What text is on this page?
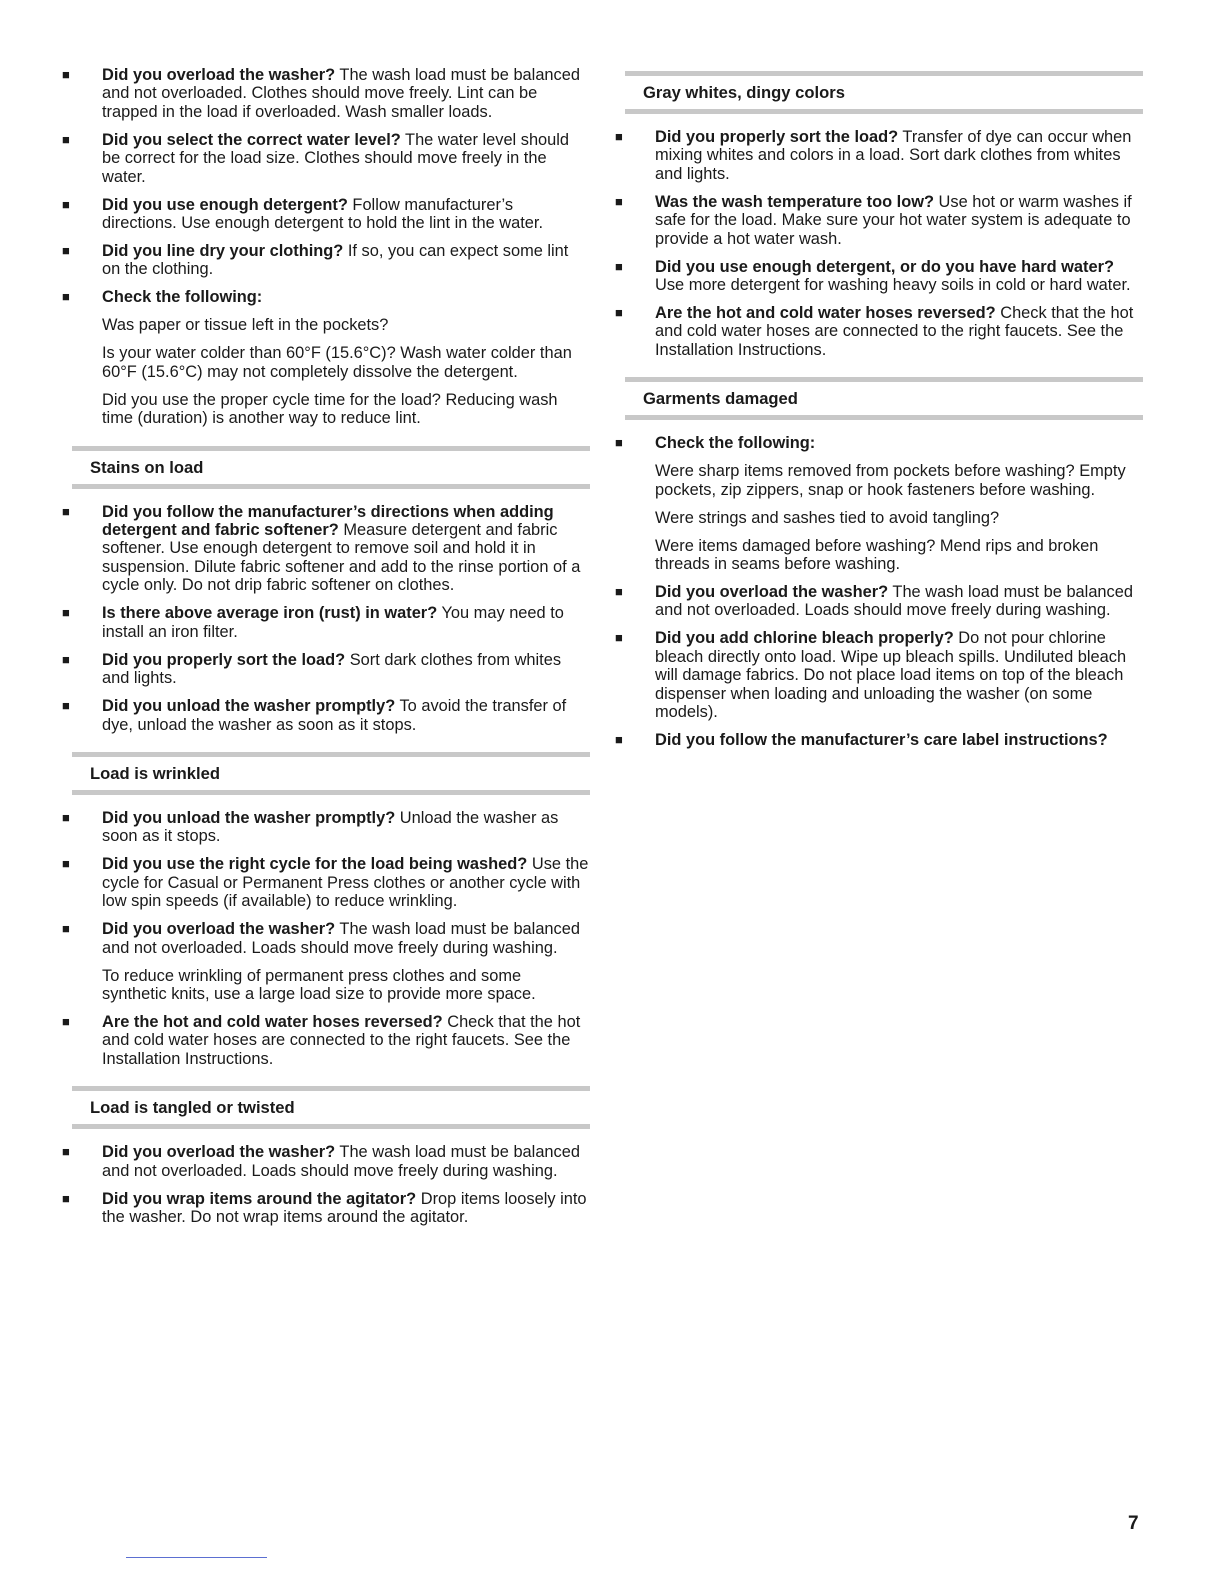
■ Did you overload the washer? The wash load must be balanced and not overloaded. Clothes should move freely. Lint can be trapped in the load if overloaded. Wash smaller loads.
■ Did you select the correct water level? The water level should be correct for the load size. Clothes should move freely in the water.
■ Did you use enough detergent? Follow manufacturer’s directions. Use enough detergent to hold the lint in the water.
■ Did you line dry your clothing? If so, you can expect some lint on the clothing.
■ Check the following:
Was paper or tissue left in the pockets?
Is your water colder than 60°F (15.6°C)? Wash water colder than 60°F (15.6°C) may not completely dissolve the detergent.
Did you use the proper cycle time for the load? Reducing wash time (duration) is another way to reduce lint.
Stains on load
■ Did you follow the manufacturer’s directions when adding detergent and fabric softener? Measure detergent and fabric softener. Use enough detergent to remove soil and hold it in suspension. Dilute fabric softener and add to the rinse portion of a cycle only. Do not drip fabric softener on clothes.
■ Is there above average iron (rust) in water? You may need to install an iron filter.
■ Did you properly sort the load? Sort dark clothes from whites and lights.
■ Did you unload the washer promptly? To avoid the transfer of dye, unload the washer as soon as it stops.
Load is wrinkled
■ Did you unload the washer promptly? Unload the washer as soon as it stops.
■ Did you use the right cycle for the load being washed? Use the cycle for Casual or Permanent Press clothes or another cycle with low spin speeds (if available) to reduce wrinkling.
■ Did you overload the washer? The wash load must be balanced and not overloaded. Loads should move freely during washing.
To reduce wrinkling of permanent press clothes and some synthetic knits, use a large load size to provide more space.
■ Are the hot and cold water hoses reversed? Check that the hot and cold water hoses are connected to the right faucets. See the Installation Instructions.
Load is tangled or twisted
■ Did you overload the washer? The wash load must be balanced and not overloaded. Loads should move freely during washing.
■ Did you wrap items around the agitator? Drop items loosely into the washer. Do not wrap items around the agitator.
Gray whites, dingy colors
■ Did you properly sort the load? Transfer of dye can occur when mixing whites and colors in a load. Sort dark clothes from whites and lights.
■ Was the wash temperature too low? Use hot or warm washes if safe for the load. Make sure your hot water system is adequate to provide a hot water wash.
■ Did you use enough detergent, or do you have hard water? Use more detergent for washing heavy soils in cold or hard water.
■ Are the hot and cold water hoses reversed? Check that the hot and cold water hoses are connected to the right faucets. See the Installation Instructions.
Garments damaged
■ Check the following:
Were sharp items removed from pockets before washing? Empty pockets, zip zippers, snap or hook fasteners before washing.
Were strings and sashes tied to avoid tangling?
Were items damaged before washing? Mend rips and broken threads in seams before washing.
■ Did you overload the washer? The wash load must be balanced and not overloaded. Loads should move freely during washing.
■ Did you add chlorine bleach properly? Do not pour chlorine bleach directly onto load. Wipe up bleach spills. Undiluted bleach will damage fabrics. Do not place load items on top of the bleach dispenser when loading and unloading the washer (on some models).
■ Did you follow the manufacturer’s care label instructions?
7
